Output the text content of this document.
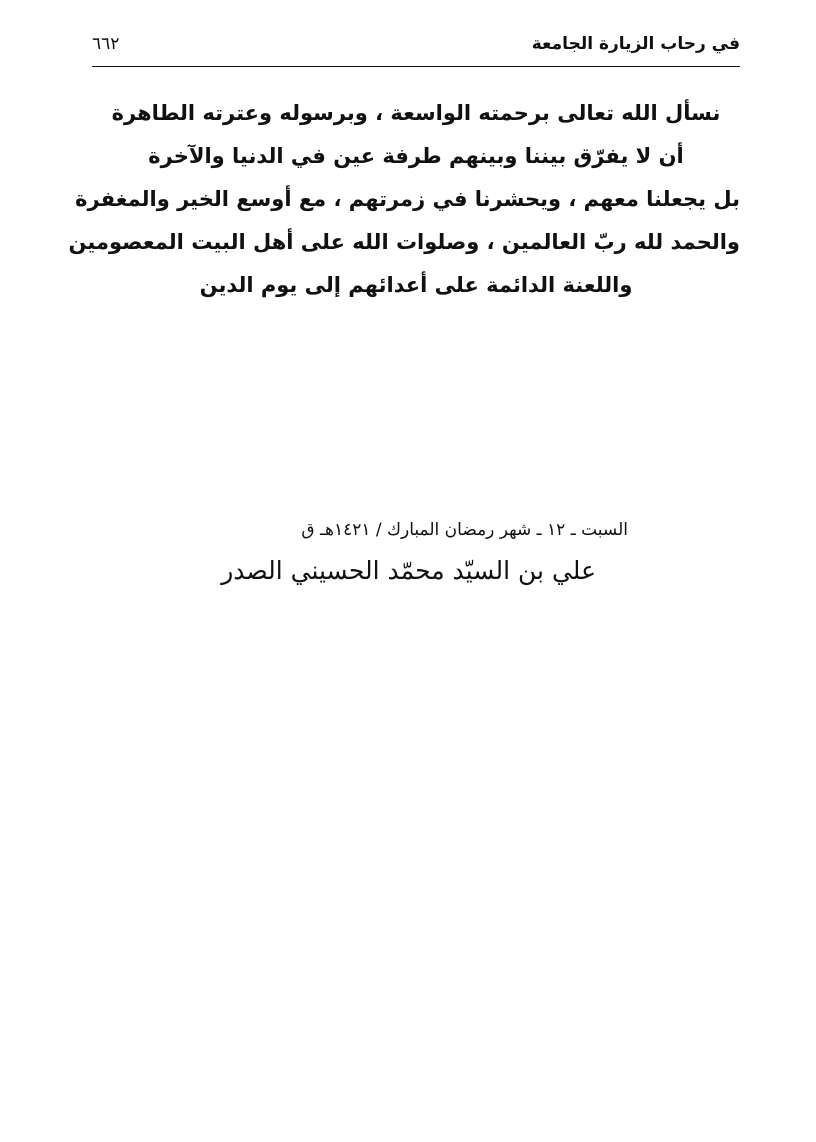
في رحاب الزيارة الجامعة
٦٦٢
نسأل الله تعالى برحمته الواسعة ، وبرسوله وعترته الطاهرة
أن لا يفرّق بيننا وبينهم طرفة عين في الدنيا والآخرة
بل يجعلنا معهم ، ويحشرنا في زمرتهم ، مع أوسع الخير والمغفرة
والحمد لله ربّ العالمين ، وصلوات الله على أهل البيت المعصومين
واللعنة الدائمة على أعدائهم إلى يوم الدين
السبت ـ ١٢ ـ شهر رمضان المبارك / ١٤٢١هـ ق
علي بن السيّد محمّد الحسيني الصدر
